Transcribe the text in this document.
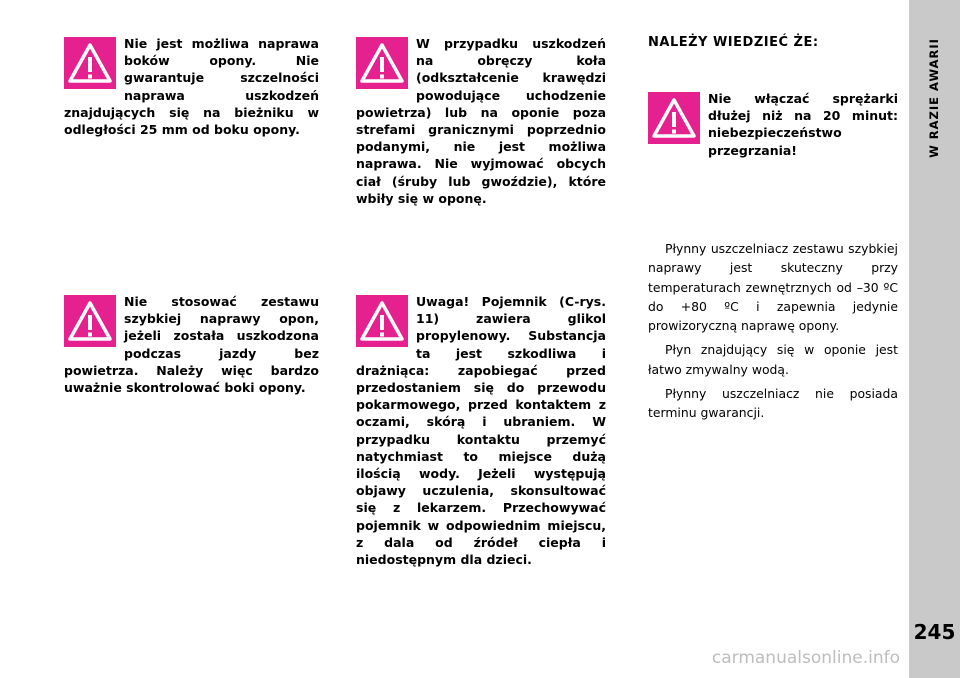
Nie jest możliwa naprawa boków opony. Nie gwarantuje szczelności naprawa uszkodzeń znajdujących się na bieżniku w odległości 25 mm od boku opony.
Nie stosować zestawu szybkiej naprawy opon, jeżeli została uszkodzona podczas jazdy bez powietrza. Należy więc bardzo uważnie skontrolować boki opony.
W przypadku uszkodzeń na obręczy koła (odkształcenie krawędzi powodujące uchodzenie powietrza) lub na oponie poza strefami granicznymi poprzednio podanymi, nie jest możliwa naprawa. Nie wyjmować obcych ciał (śruby lub gwoździe), które wbiły się w oponę.
Uwaga! Pojemnik (C-rys. 11) zawiera glikol propylenowy. Substancja ta jest szkodliwa i drażniąca: zapobiegać przed przedostaniem się do przewodu pokarmowego, przed kontaktem z oczami, skórą i ubraniem. W przypadku kontaktu przemyć natychmiast to miejsce dużą ilością wody. Jeżeli występują objawy uczulenia, skonsultować się z lekarzem. Przechowywać pojemnik w odpowiednim miejscu, z dala od źródeł ciepła i niedostępnym dla dzieci.
NALEŻY WIEDZIEĆ ŻE:
Nie włączać sprężarki dłużej niż na 20 minut: niebezpieczeństwo przegrzania!

Płynny uszczelniacz zestawu szybkiej naprawy jest skuteczny przy temperaturach zewnętrznych od –30 ºC do +80 ºC i zapewnia jedynie prowizoryczną naprawę opony.

Płyn znajdujący się w oponie jest łatwo zmywalny wodą.

Płynny uszczelniacz nie posiada terminu gwarancji.

W RAZIE AWARII
245
carmanualsonline.info
